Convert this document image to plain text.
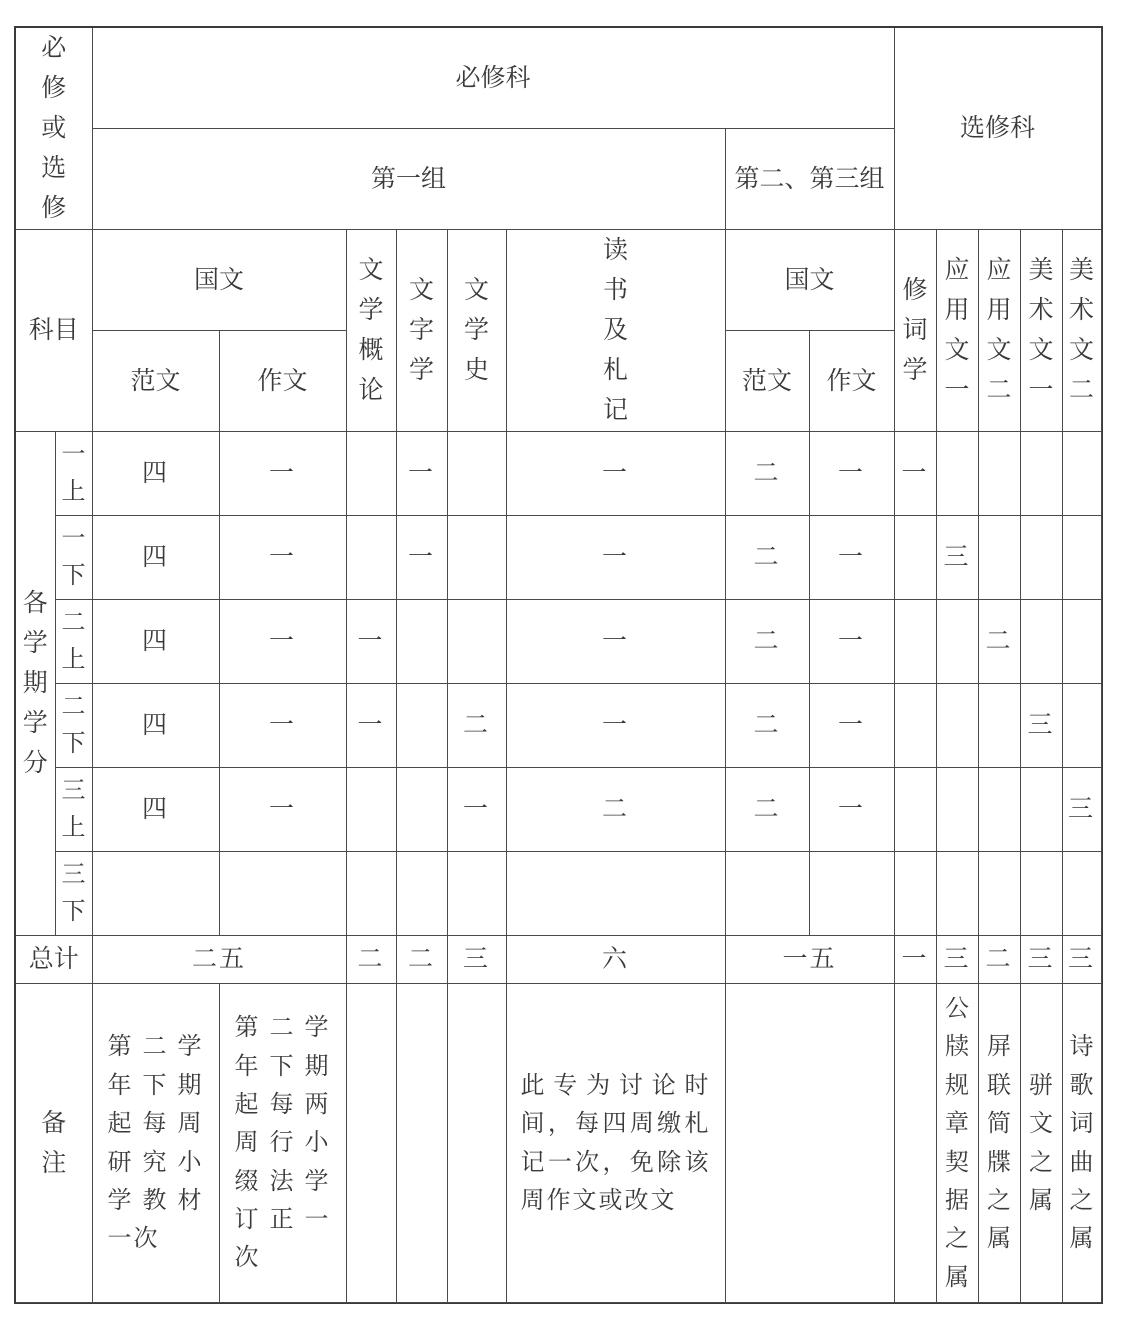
必修或选修		必修科								选修科				
		第一组						第二、第三组						
科目		国文		文学概论	文字学	文学史	读书及札记	国文		修词学	应用文一	应用文二	美术文一	美术文二
		范文	作文					范文	作文					
各学期学分	一上	四	一		一		一	二	一	一				
	一下	四	一		一		一	二	一		三			
	二上	四	一	一			一	二	一			二		
	二下	四	一	一		二	一	二	一				三	
	三上	四	一			一	二	二	一					三
	三下													
总计		二五		二	二	三	六	一五		一	三	二	三	三
备注		第二学年下期起每周研究小学教材一次	第二学年下期起每两周行小缀法学订正一次				此专为讨论时间，每四周缴札记一次，免除该周作文或改文				公牍规章契据之属	屏联简牒之属	骈文之属	诗歌词曲之属
